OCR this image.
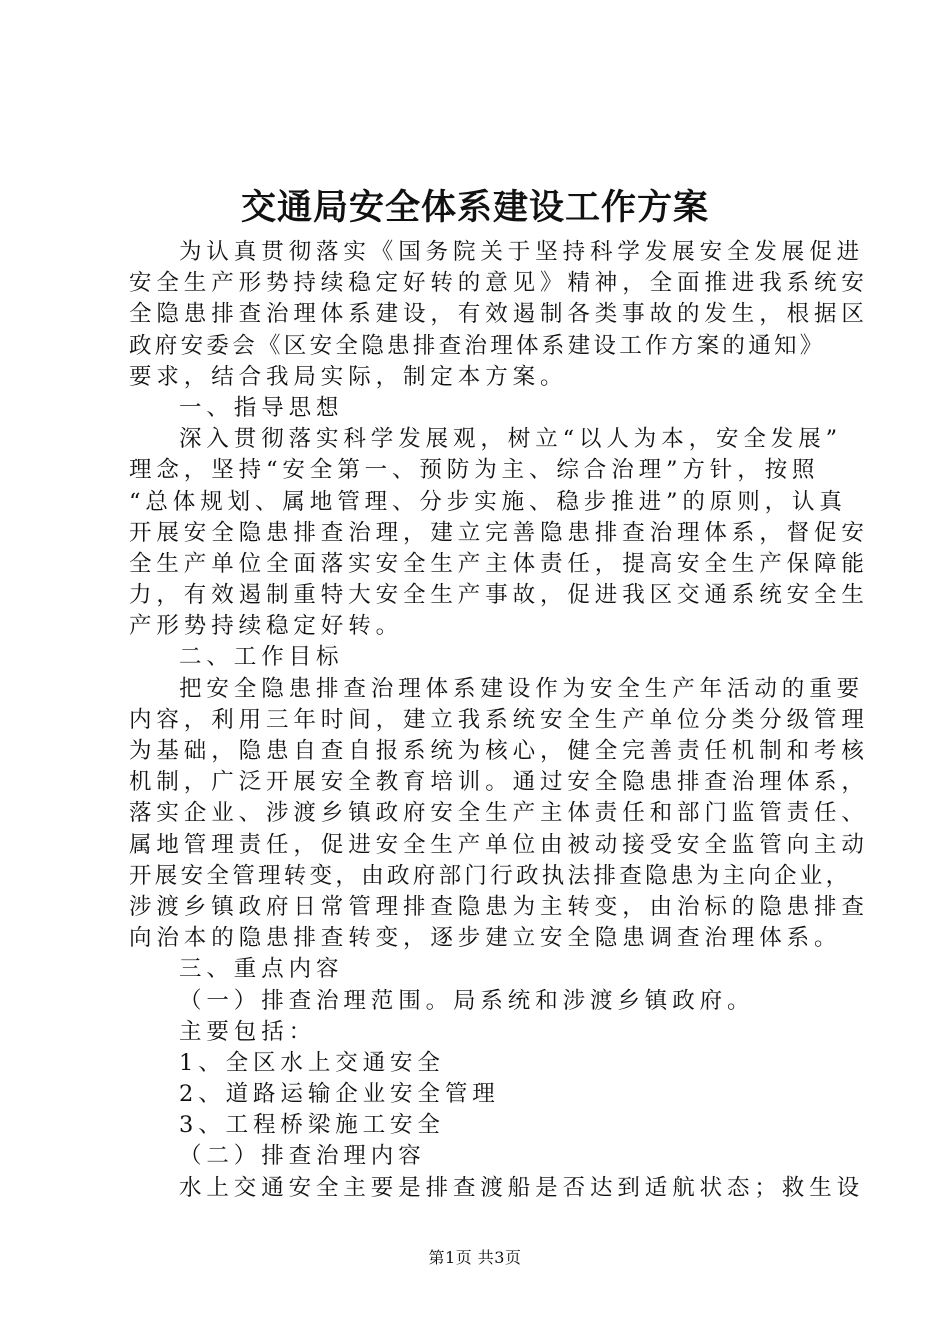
交通局安全体系建设工作方案
为认真贯彻落实《国务院关于坚持科学发展安全发展促进
安全生产形势持续稳定好转的意见》精神，全面推进我系统安
全隐患排查治理体系建设，有效遏制各类事故的发生，根据区
政府安委会《区安全隐患排查治理体系建设工作方案的通知》
要求，结合我局实际，制定本方案。
一、指导思想
深入贯彻落实科学发展观，树立“以人为本，安全发展”
理念，坚持“安全第一、预防为主、综合治理”方针，按照
“总体规划、属地管理、分步实施、稳步推进”的原则，认真
开展安全隐患排查治理，建立完善隐患排查治理体系，督促安
全生产单位全面落实安全生产主体责任，提高安全生产保障能
力，有效遏制重特大安全生产事故，促进我区交通系统安全生
产形势持续稳定好转。
二、工作目标
把安全隐患排查治理体系建设作为安全生产年活动的重要
内容，利用三年时间，建立我系统安全生产单位分类分级管理
为基础，隐患自查自报系统为核心，健全完善责任机制和考核
机制，广泛开展安全教育培训。通过安全隐患排查治理体系，
落实企业、涉渡乡镇政府安全生产主体责任和部门监管责任、
属地管理责任，促进安全生产单位由被动接受安全监管向主动
开展安全管理转变，由政府部门行政执法排查隐患为主向企业，
涉渡乡镇政府日常管理排查隐患为主转变，由治标的隐患排查
向治本的隐患排查转变，逐步建立安全隐患调查治理体系。
三、重点内容
（一）排查治理范围。局系统和涉渡乡镇政府。
主要包括：
1、全区水上交通安全
2、道路运输企业安全管理
3、工程桥梁施工安全
（二）排查治理内容
水上交通安全主要是排查渡船是否达到适航状态；救生设
第1页 共3页
